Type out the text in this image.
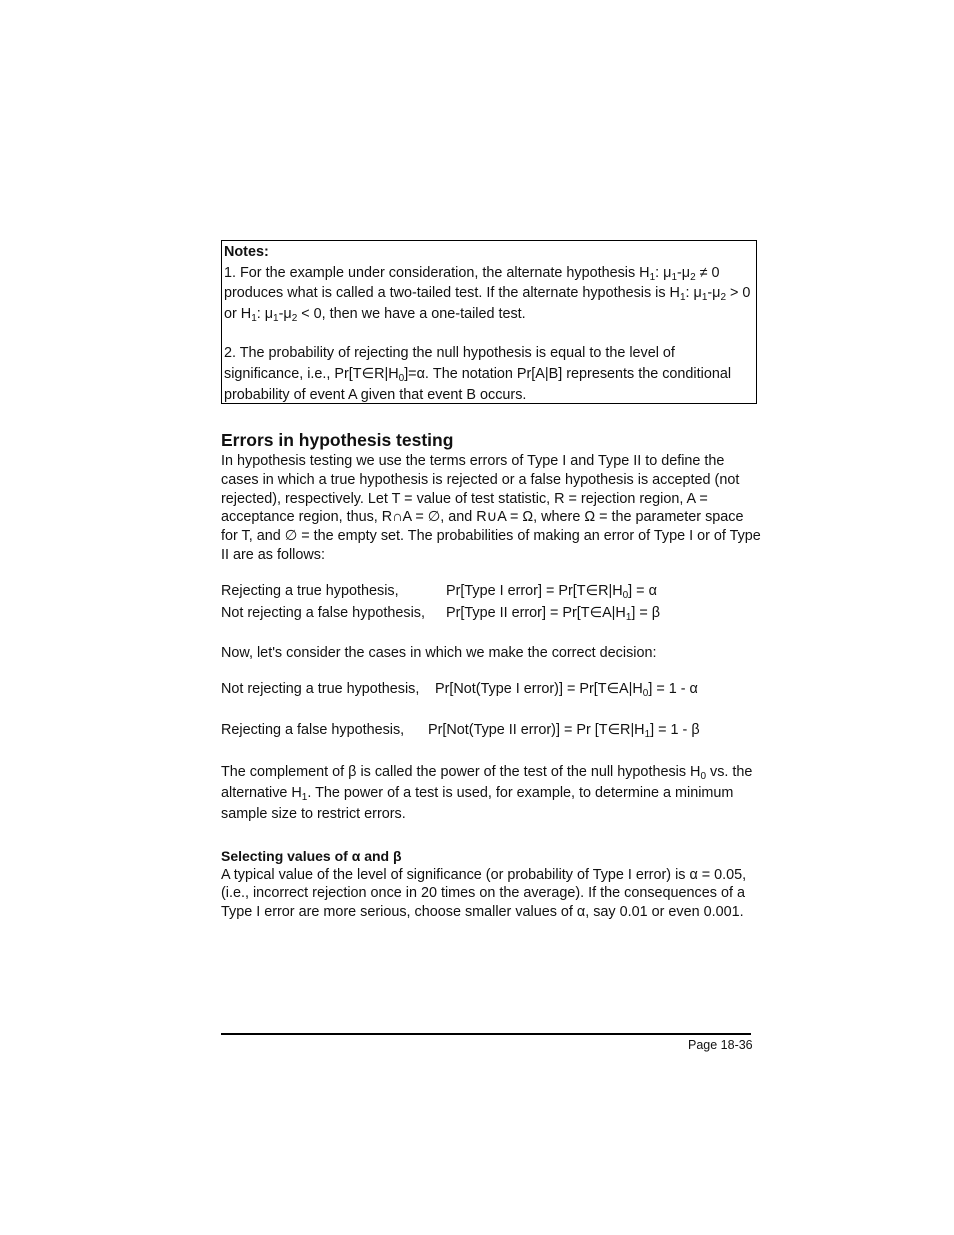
Notes:

1. For the example under consideration, the alternate hypothesis $H_1$: $\mu_1-\mu_2 \ne 0$ produces what is called a two-tailed test. If the alternate hypothesis is $H_1$: $\mu_1-\mu_2 > 0$ or $H_1$: $\mu_1-\mu_2 < 0$, then we have a one-tailed test.

2. The probability of rejecting the null hypothesis is equal to the level of significance, i.e., $Pr[T\in R|H_0]=\alpha$. The notation Pr[A|B] represents the conditional probability of event A given that event B occurs.

Errors in hypothesis testing

In hypothesis testing we use the terms errors of Type I and Type II to define the cases in which a true hypothesis is rejected or a false hypothesis is accepted (not rejected), respectively. Let T = value of test statistic, R = rejection region, A = acceptance region, thus, R∩A = ∅, and R∪A = Ω, where Ω = the parameter space for T, and ∅ = the empty set. The probabilities of making an error of Type I or of Type II are as follows:

Rejecting a true hypothesis,	Pr[Type I error] = $Pr[T\in R|H_0] = \alpha$
Not rejecting a false hypothesis,	Pr[Type II error] = $Pr[T\in A|H_1] = \beta$

Now, let's consider the cases in which we make the correct decision:

Not rejecting a true hypothesis,	Pr[Not(Type I error)] = $Pr[T\in A|H_0] = 1 - \alpha$
Rejecting a false hypothesis,	Pr[Not(Type II error)] = Pr $[T\in R|H_1] = 1 - \beta$

The complement of β is called the power of the test of the null hypothesis $H_0$ vs. the alternative $H_1$. The power of a test is used, for example, to determine a minimum sample size to restrict errors.

Selecting values of α and β

A typical value of the level of significance (or probability of Type I error) is α = 0.05, (i.e., incorrect rejection once in 20 times on the average). If the consequences of a Type I error are more serious, choose smaller values of α, say 0.01 or even 0.001.

Page 18-36
